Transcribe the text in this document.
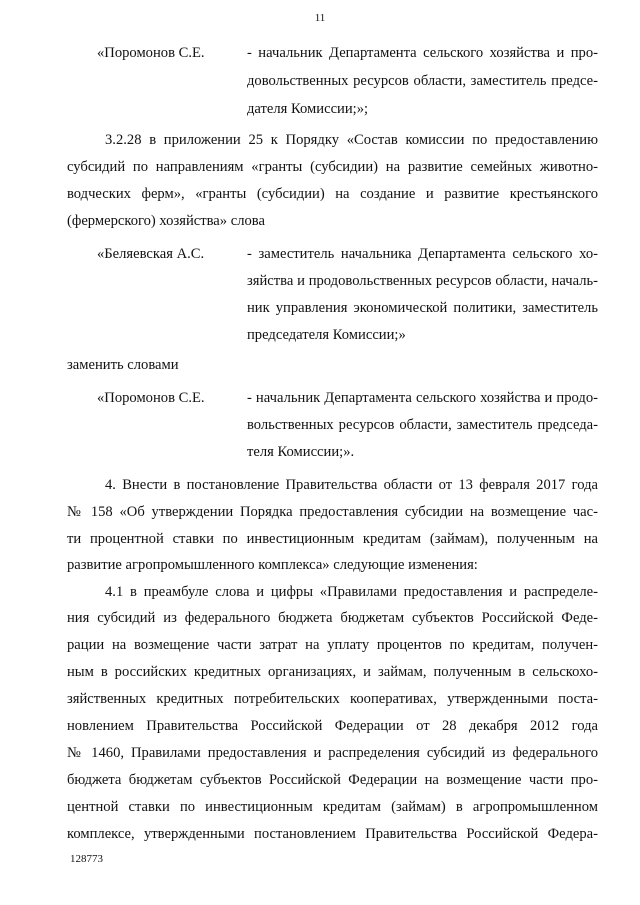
11
«Поромонов С.Е.	- начальник Департамента сельского хозяйства и про-
довольственных ресурсов области, заместитель предсе-
дателя Комиссии;»;
3.2.28 в приложении 25 к Порядку «Состав комиссии по предоставлению
субсидий по направлениям «гранты (субсидии) на развитие семейных животно-
водческих ферм», «гранты (субсидии) на создание и развитие крестьянского
(фермерского) хозяйства» слова
«Беляевская А.С.	- заместитель начальника Департамента сельского хо-
зяйства и продовольственных ресурсов области, началь-
ник управления экономической политики, заместитель
председателя Комиссии;»
заменить словами
«Поромонов С.Е.	- начальник Департамента сельского хозяйства и продо-
вольственных ресурсов области, заместитель председа-
теля Комиссии;».
4. Внести в постановление Правительства области от 13 февраля 2017 года
№ 158 «Об утверждении Порядка предоставления субсидии на возмещение час-
ти процентной ставки по инвестиционным кредитам (займам), полученным на
развитие агропромышленного комплекса» следующие изменения:
4.1 в преамбуле слова и цифры «Правилами предоставления и распределе-
ния субсидий из федерального бюджета бюджетам субъектов Российской Феде-
рации на возмещение части затрат на уплату процентов по кредитам, получен-
ным в российских кредитных организациях, и займам, полученным в сельскохо-
зяйственных кредитных потребительских кооперативах, утвержденными поста-
новлением Правительства Российской Федерации от 28 декабря 2012 года
№ 1460, Правилами предоставления и распределения субсидий из федерального
бюджета бюджетам субъектов Российской Федерации на возмещение части про-
центной ставки по инвестиционным кредитам (займам) в агропромышленном
комплексе, утвержденными постановлением Правительства Российской Федера-
128773
